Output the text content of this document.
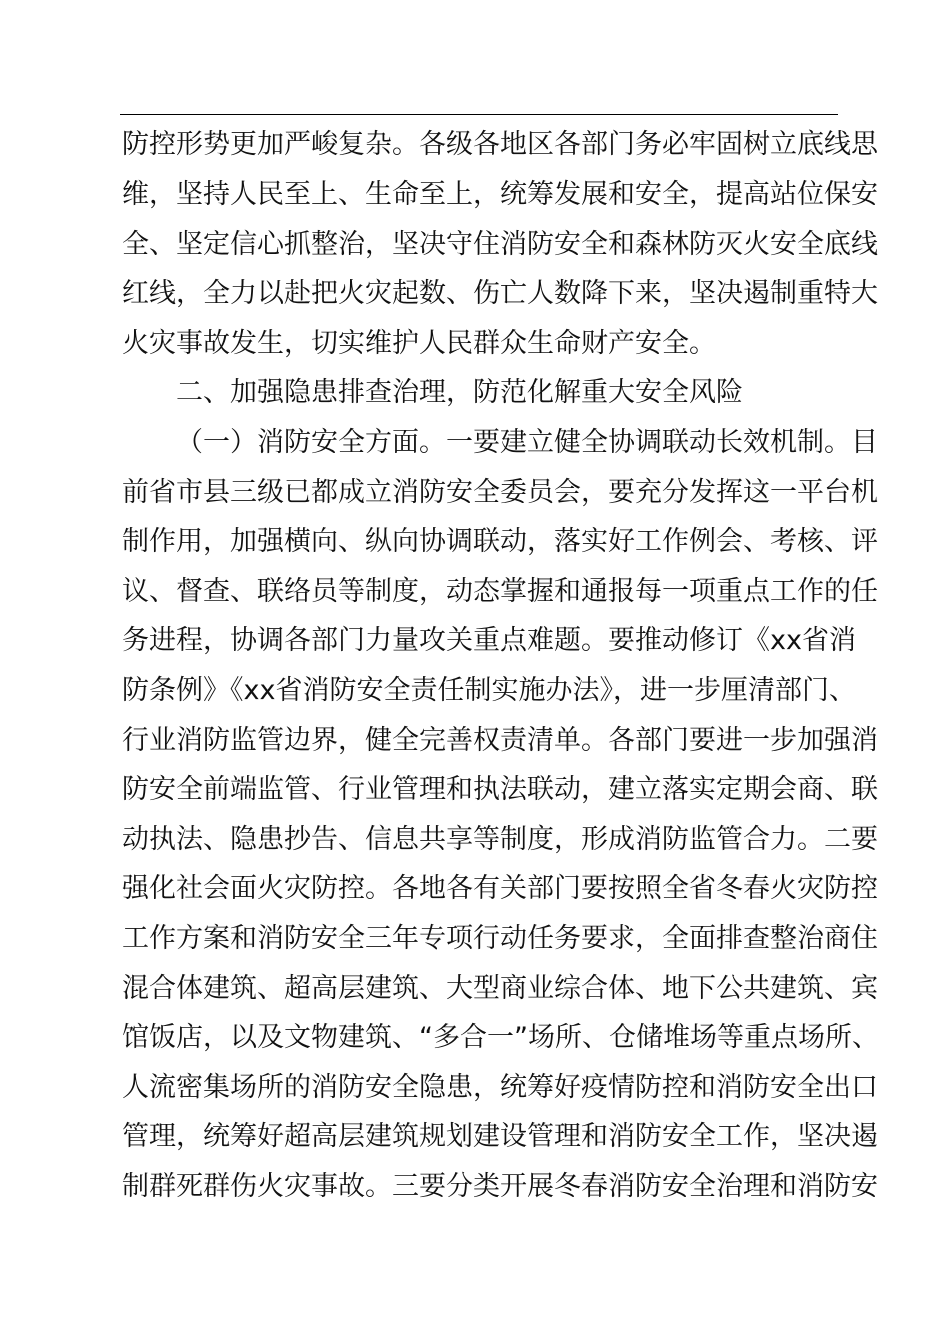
防控形势更加严峻复杂。各级各地区各部门务必牢固树立底线思
维，坚持人民至上、生命至上，统筹发展和安全，提高站位保安
全、坚定信心抓整治，坚决守住消防安全和森林防灭火安全底线
红线，全力以赴把火灾起数、伤亡人数降下来，坚决遏制重特大
火灾事故发生，切实维护人民群众生命财产安全。
二、加强隐患排查治理，防范化解重大安全风险
（一）消防安全方面。一要建立健全协调联动长效机制。目
前省市县三级已都成立消防安全委员会，要充分发挥这一平台机
制作用，加强横向、纵向协调联动，落实好工作例会、考核、评
议、督查、联络员等制度，动态掌握和通报每一项重点工作的任
务进程，协调各部门力量攻关重点难题。要推动修订《xx省消
防条例》《xx省消防安全责任制实施办法》，进一步厘清部门、
行业消防监管边界，健全完善权责清单。各部门要进一步加强消
防安全前端监管、行业管理和执法联动，建立落实定期会商、联
动执法、隐患抄告、信息共享等制度，形成消防监管合力。二要
强化社会面火灾防控。各地各有关部门要按照全省冬春火灾防控
工作方案和消防安全三年专项行动任务要求，全面排查整治商住
混合体建筑、超高层建筑、大型商业综合体、地下公共建筑、宾
馆饭店，以及文物建筑、“多合一”场所、仓储堆场等重点场所、
人流密集场所的消防安全隐患，统筹好疫情防控和消防安全出口
管理，统筹好超高层建筑规划建设管理和消防安全工作，坚决遏
制群死群伤火灾事故。三要分类开展冬春消防安全治理和消防安
